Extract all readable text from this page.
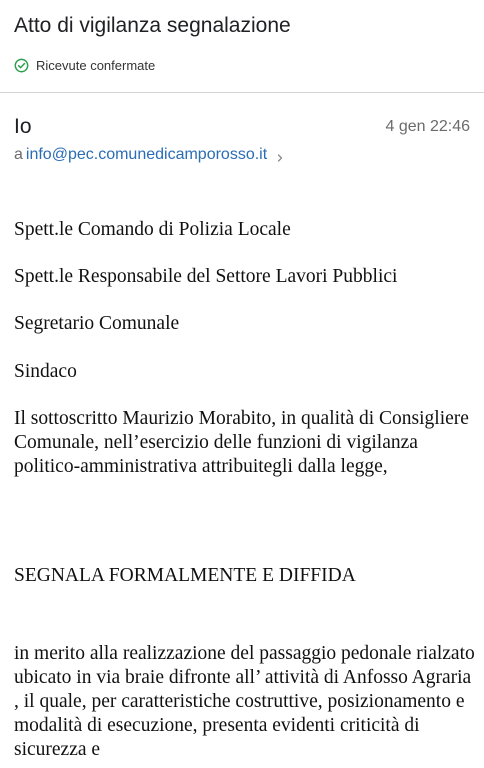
Atto di vigilanza segnalazione
Ricevute confermate
Io	4 gen 22:46
a info@pec.comunedicamporosso.it

Spett.le Comando di Polizia Locale

Spett.le Responsabile del Settore Lavori Pubblici

Segretario Comunale

Sindaco

Il sottoscritto Maurizio Morabito, in qualità di Consigliere Comunale, nell’esercizio delle funzioni di vigilanza politico-amministrativa attribuitegli dalla legge,

SEGNALA FORMALMENTE E DIFFIDA

in merito alla realizzazione del passaggio pedonale rialzato ubicato in via braie difronte all’ attività di Anfosso Agraria , il quale, per caratteristiche costruttive, posizionamento e modalità di esecuzione, presenta evidenti criticità di sicurezza e
